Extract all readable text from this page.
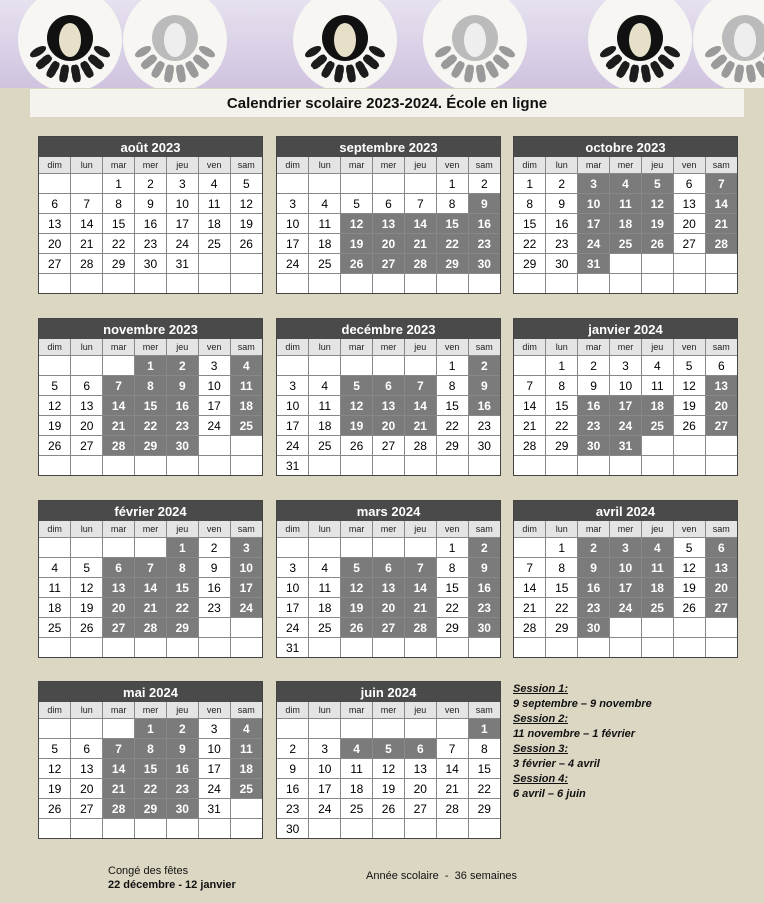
Calendrier scolaire 2023-2024. École en ligne
août 2023
dim	lun	mar	mer	jeu	ven	sam
		1	2	3	4	5
6	7	8	9	10	11	12
13	14	15	16	17	18	19
20	21	22	23	24	25	26
27	28	29	30	31		

septembre 2023
dim	lun	mar	mer	jeu	ven	sam
					1	2
3	4	5	6	7	8	9
10	11	12	13	14	15	16
17	18	19	20	21	22	23
24	25	26	27	28	29	30

octobre 2023
dim	lun	mar	mer	jeu	ven	sam
1	2	3	4	5	6	7
8	9	10	11	12	13	14
15	16	17	18	19	20	21
22	23	24	25	26	27	28
29	30	31				

novembre 2023
dim	lun	mar	mer	jeu	ven	sam
			1	2	3	4
5	6	7	8	9	10	11
12	13	14	15	16	17	18
19	20	21	22	23	24	25
26	27	28	29	30		

decémbre 2023
dim	lun	mar	mer	jeu	ven	sam
					1	2
3	4	5	6	7	8	9
10	11	12	13	14	15	16
17	18	19	20	21	22	23
24	25	26	27	28	29	30
31						
janvier 2024
dim	lun	mar	mer	jeu	ven	sam
	1	2	3	4	5	6
7	8	9	10	11	12	13
14	15	16	17	18	19	20
21	22	23	24	25	26	27
28	29	30	31			

février 2024
dim	lun	mar	mer	jeu	ven	sam
				1	2	3
4	5	6	7	8	9	10
11	12	13	14	15	16	17
18	19	20	21	22	23	24
25	26	27	28	29		

mars 2024
dim	lun	mar	mer	jeu	ven	sam
					1	2
3	4	5	6	7	8	9
10	11	12	13	14	15	16
17	18	19	20	21	22	23
24	25	26	27	28	29	30
31						
avril 2024
dim	lun	mar	mer	jeu	ven	sam
	1	2	3	4	5	6
7	8	9	10	11	12	13
14	15	16	17	18	19	20
21	22	23	24	25	26	27
28	29	30				

mai 2024
dim	lun	mar	mer	jeu	ven	sam
			1	2	3	4
5	6	7	8	9	10	11
12	13	14	15	16	17	18
19	20	21	22	23	24	25
26	27	28	29	30	31	

juin 2024
dim	lun	mar	mer	jeu	ven	sam
						1
2	3	4	5	6	7	8
9	10	11	12	13	14	15
16	17	18	19	20	21	22
23	24	25	26	27	28	29
30						
Session 1:
9 septembre – 9 novembre
Session 2:
11 novembre – 1 février
Session 3:
3 février – 4 avril
Session 4:
6 avril – 6 juin
Congé des fêtes
22 décembre - 12 janvier
Année scolaire  -  36 semaines
